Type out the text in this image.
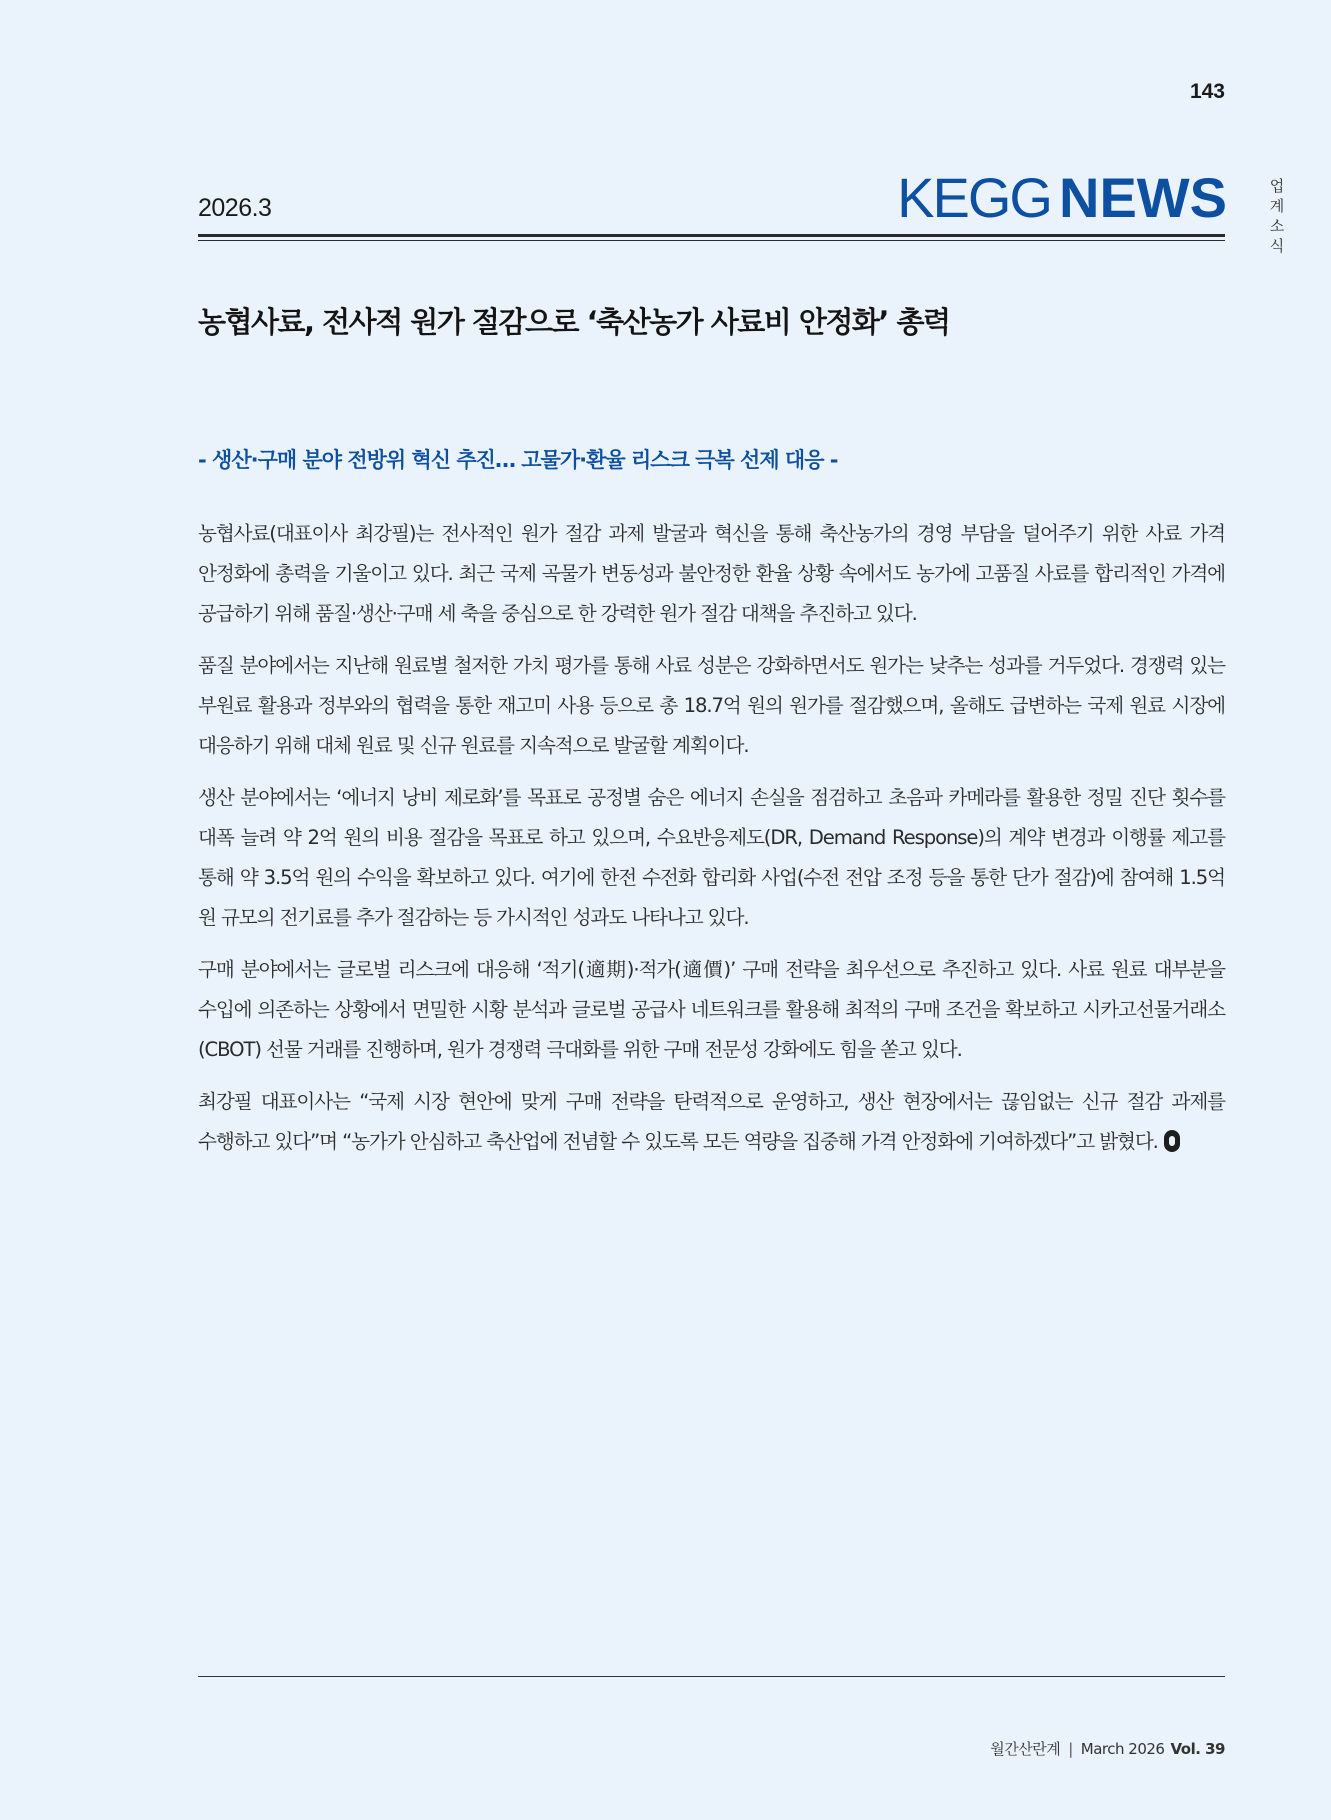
143
2026.3	KEGG NEWS	업계 소식
농협사료, 전사적 원가 절감으로 ‘축산농가 사료비 안정화’ 총력
- 생산·구매 분야 전방위 혁신 추진… 고물가·환율 리스크 극복 선제 대응 -

농협사료(대표이사 최강필)는 전사적인 원가 절감 과제 발굴과 혁신을 통해 축산농가의 경영 부담을 덜어주기 위한 사료 가격 안정화에 총력을 기울이고 있다. 최근 국제 곡물가 변동성과 불안정한 환율 상황 속에서도 농가에 고품질 사료를 합리적인 가격에 공급하기 위해 품질·생산·구매 세 축을 중심으로 한 강력한 원가 절감 대책을 추진하고 있다.

품질 분야에서는 지난해 원료별 철저한 가치 평가를 통해 사료 성분은 강화하면서도 원가는 낮추는 성과를 거두었다. 경쟁력 있는 부원료 활용과 정부와의 협력을 통한 재고미 사용 등으로 총 18.7억 원의 원가를 절감했으며, 올해도 급변하는 국제 원료 시장에 대응하기 위해 대체 원료 및 신규 원료를 지속적으로 발굴할 계획이다.

생산 분야에서는 ‘에너지 낭비 제로화’를 목표로 공정별 숨은 에너지 손실을 점검하고 초음파 카메라를 활용한 정밀 진단 횟수를 대폭 늘려 약 2억 원의 비용 절감을 목표로 하고 있으며, 수요반응제도(DR, Demand Response)의 계약 변경과 이행률 제고를 통해 약 3.5억 원의 수익을 확보하고 있다. 여기에 한전 수전화 합리화 사업(수전 전압 조정 등을 통한 단가 절감)에 참여해 1.5억 원 규모의 전기료를 추가 절감하는 등 가시적인 성과도 나타나고 있다.

구매 분야에서는 글로벌 리스크에 대응해 ‘적기(適期)·적가(適價)’ 구매 전략을 최우선으로 추진하고 있다. 사료 원료 대부분을 수입에 의존하는 상황에서 면밀한 시황 분석과 글로벌 공급사 네트워크를 활용해 최적의 구매 조건을 확보하고 시카고선물거래소(CBOT) 선물 거래를 진행하며, 원가 경쟁력 극대화를 위한 구매 전문성 강화에도 힘을 쏟고 있다.

최강필 대표이사는 “국제 시장 현안에 맞게 구매 전략을 탄력적으로 운영하고, 생산 현장에서는 끊임없는 신규 절감 과제를 수행하고 있다”며 “농가가 안심하고 축산업에 전념할 수 있도록 모든 역량을 집중해 가격 안정화에 기여하겠다”고 밝혔다.

월간산란계 | March 2026 Vol. 39
